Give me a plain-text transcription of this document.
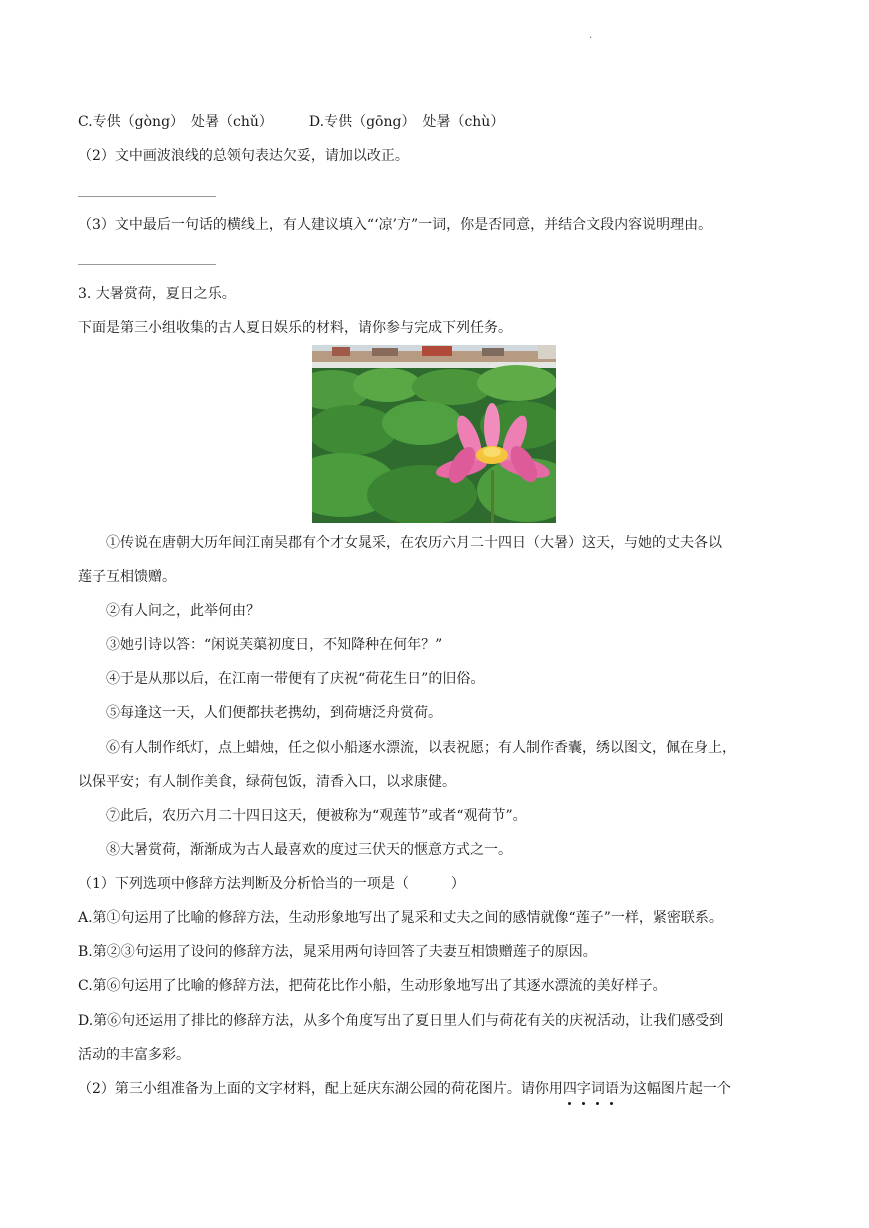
.
C.专供（gòng）　处暑（chǔ）	D.专供（gōng）　处暑（chù）
（2）文中画波浪线的总领句表达欠妥，请加以改正。
（3）文中最后一句话的横线上，有人建议填入“‘凉’方”一词，你是否同意，并结合文段内容说明理由。
3. 大暑赏荷，夏日之乐。
下面是第三小组收集的古人夏日娱乐的材料，请你参与完成下列任务。
①传说在唐朝大历年间江南吴郡有个才女晁采，在农历六月二十四日（大暑）这天，与她的丈夫各以
莲子互相馈赠。
②有人问之，此举何由？
③她引诗以答：“闲说芙蕖初度日，不知降种在何年？”
④于是从那以后，在江南一带便有了庆祝“荷花生日”的旧俗。
⑤每逢这一天，人们便都扶老携幼，到荷塘泛舟赏荷。
⑥有人制作纸灯，点上蜡烛，任之似小船逐水漂流，以表祝愿；有人制作香囊，绣以图文，佩在身上，
以保平安；有人制作美食，绿荷包饭，清香入口，以求康健。
⑦此后，农历六月二十四日这天，便被称为“观莲节”或者“观荷节”。
⑧大暑赏荷，渐渐成为古人最喜欢的度过三伏天的惬意方式之一。
（1）下列选项中修辞方法判断及分析恰当的一项是（　　　）
A.第①句运用了比喻的修辞方法，生动形象地写出了晁采和丈夫之间的感情就像“莲子”一样，紧密联系。
B.第②③句运用了设问的修辞方法，晁采用两句诗回答了夫妻互相馈赠莲子的原因。
C.第⑥句运用了比喻的修辞方法，把荷花比作小船，生动形象地写出了其逐水漂流的美好样子。
D.第⑥句还运用了排比的修辞方法，从多个角度写出了夏日里人们与荷花有关的庆祝活动，让我们感受到
活动的丰富多彩。
（2）第三小组准备为上面的文字材料，配上延庆东湖公园的荷花图片。请你用四字词语为这幅图片起一个
